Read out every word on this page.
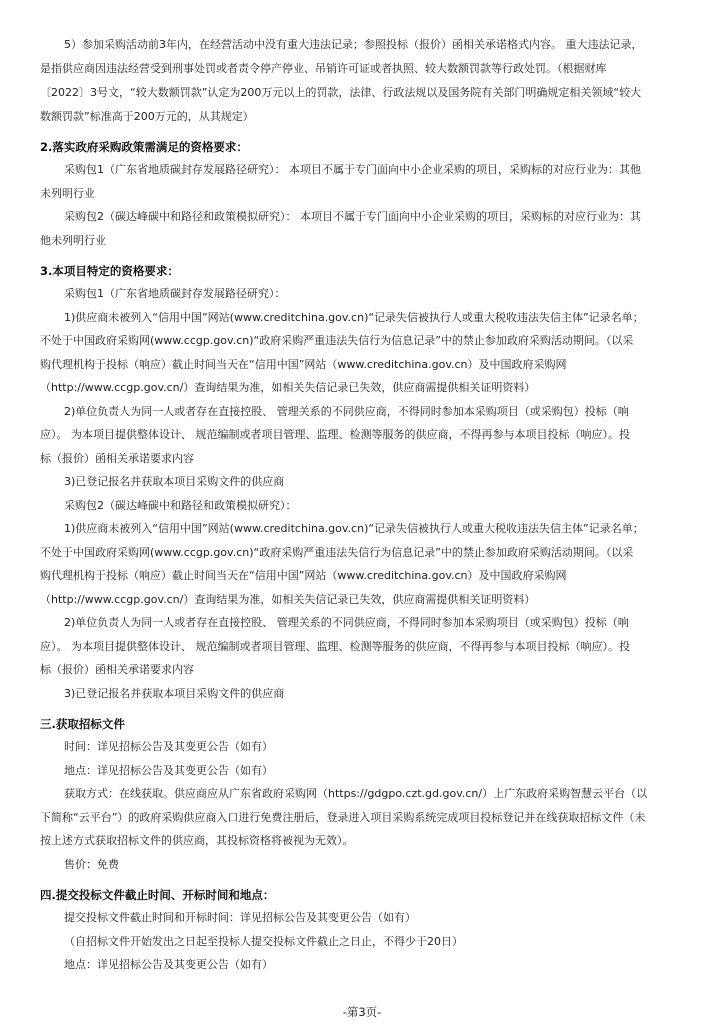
5）参加采购活动前3年内，在经营活动中没有重大违法记录；参照投标（报价）函相关承诺格式内容。 重大违法记录，
是指供应商因违法经营受到刑事处罚或者责令停产停业、吊销许可证或者执照、较大数额罚款等行政处罚。（根据财库
〔2022〕3号文，“较大数额罚款”认定为200万元以上的罚款，法律、行政法规以及国务院有关部门明确规定相关领域“较大
数额罚款”标准高于200万元的，从其规定）
2.落实政府采购政策需满足的资格要求：
采购包1（广东省地质碳封存发展路径研究）： 本项目不属于专门面向中小企业采购的项目，采购标的对应行业为：其他
未列明行业
采购包2（碳达峰碳中和路径和政策模拟研究）： 本项目不属于专门面向中小企业采购的项目，采购标的对应行业为：其
他未列明行业
3.本项目特定的资格要求：
采购包1（广东省地质碳封存发展路径研究）：
1)供应商未被列入“信用中国”网站(www.creditchina.gov.cn)“记录失信被执行人或重大税收违法失信主体”记录名单；
不处于中国政府采购网(www.ccgp.gov.cn)“政府采购严重违法失信行为信息记录”中的禁止参加政府采购活动期间。（以采
购代理机构于投标（响应）截止时间当天在“信用中国”网站（www.creditchina.gov.cn）及中国政府采购网
（http://www.ccgp.gov.cn/）查询结果为准，如相关失信记录已失效，供应商需提供相关证明资料）
2)单位负责人为同一人或者存在直接控股、 管理关系的不同供应商，不得同时参加本采购项目（或采购包）投标（响
应）。 为本项目提供整体设计、 规范编制或者项目管理、监理、检测等服务的供应商，不得再参与本项目投标（响应）。投
标（报价）函相关承诺要求内容
3)已登记报名并获取本项目采购文件的供应商
采购包2（碳达峰碳中和路径和政策模拟研究）：
1)供应商未被列入“信用中国”网站(www.creditchina.gov.cn)“记录失信被执行人或重大税收违法失信主体”记录名单；
不处于中国政府采购网(www.ccgp.gov.cn)“政府采购严重违法失信行为信息记录”中的禁止参加政府采购活动期间。（以采
购代理机构于投标（响应）截止时间当天在“信用中国”网站（www.creditchina.gov.cn）及中国政府采购网
（http://www.ccgp.gov.cn/）查询结果为准，如相关失信记录已失效，供应商需提供相关证明资料）
2)单位负责人为同一人或者存在直接控股、 管理关系的不同供应商，不得同时参加本采购项目（或采购包）投标（响
应）。 为本项目提供整体设计、 规范编制或者项目管理、监理、检测等服务的供应商，不得再参与本项目投标（响应）。投
标（报价）函相关承诺要求内容
3)已登记报名并获取本项目采购文件的供应商
三.获取招标文件
时间：详见招标公告及其变更公告（如有）
地点：详见招标公告及其变更公告（如有）
获取方式：在线获取。供应商应从广东省政府采购网（https://gdgpo.czt.gd.gov.cn/）上广东政府采购智慧云平台（以
下简称“云平台”）的政府采购供应商入口进行免费注册后，登录进入项目采购系统完成项目投标登记并在线获取招标文件（未
按上述方式获取招标文件的供应商，其投标资格将被视为无效）。
售价：免费
四.提交投标文件截止时间、开标时间和地点：
提交投标文件截止时间和开标时间：详见招标公告及其变更公告（如有）
（自招标文件开始发出之日起至投标人提交投标文件截止之日止，不得少于20日）
地点：详见招标公告及其变更公告（如有）
-第3页-
